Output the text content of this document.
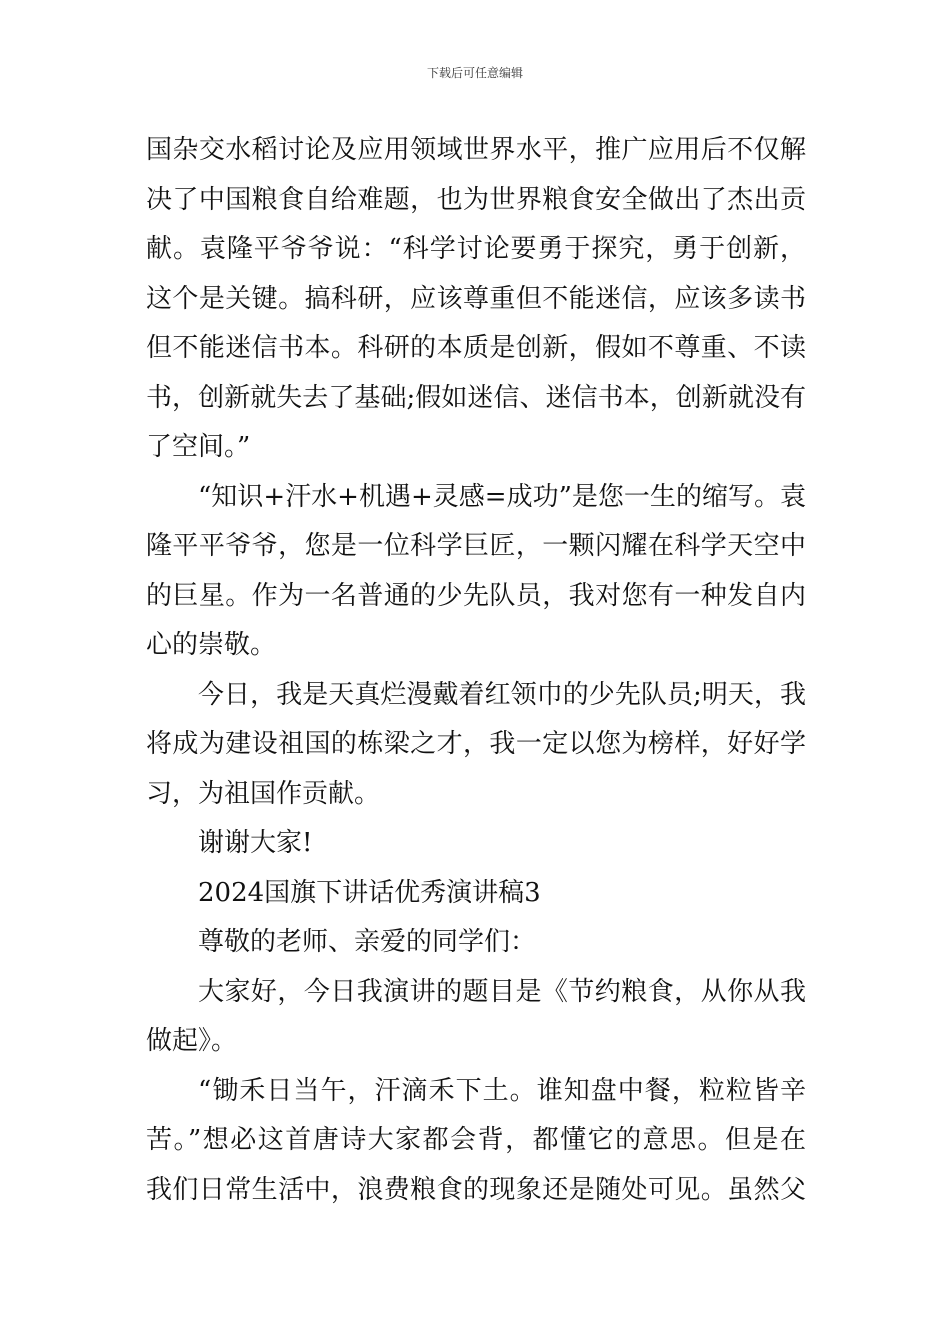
下载后可任意编辑
国杂交水稻讨论及应用领域世界水平，推广应用后不仅解
决了中国粮食自给难题，也为世界粮食安全做出了杰出贡
献。袁隆平爷爷说：“科学讨论要勇于探究，勇于创新，
这个是关键。搞科研，应该尊重但不能迷信，应该多读书
但不能迷信书本。科研的本质是创新，假如不尊重、不读
书，创新就失去了基础;假如迷信、迷信书本，创新就没有
了空间。”
“知识+汗水+机遇+灵感=成功”是您一生的缩写。袁
隆平平爷爷，您是一位科学巨匠，一颗闪耀在科学天空中
的巨星。作为一名普通的少先队员，我对您有一种发自内
心的崇敬。
今日，我是天真烂漫戴着红领巾的少先队员;明天，我
将成为建设祖国的栋梁之才，我一定以您为榜样，好好学
习，为祖国作贡献。
谢谢大家!
2024国旗下讲话优秀演讲稿3
尊敬的老师、亲爱的同学们：
大家好，今日我演讲的题目是《节约粮食，从你从我
做起》。
“锄禾日当午，汗滴禾下土。谁知盘中餐，粒粒皆辛
苦。”想必这首唐诗大家都会背，都懂它的意思。但是在
我们日常生活中，浪费粮食的现象还是随处可见。虽然父
